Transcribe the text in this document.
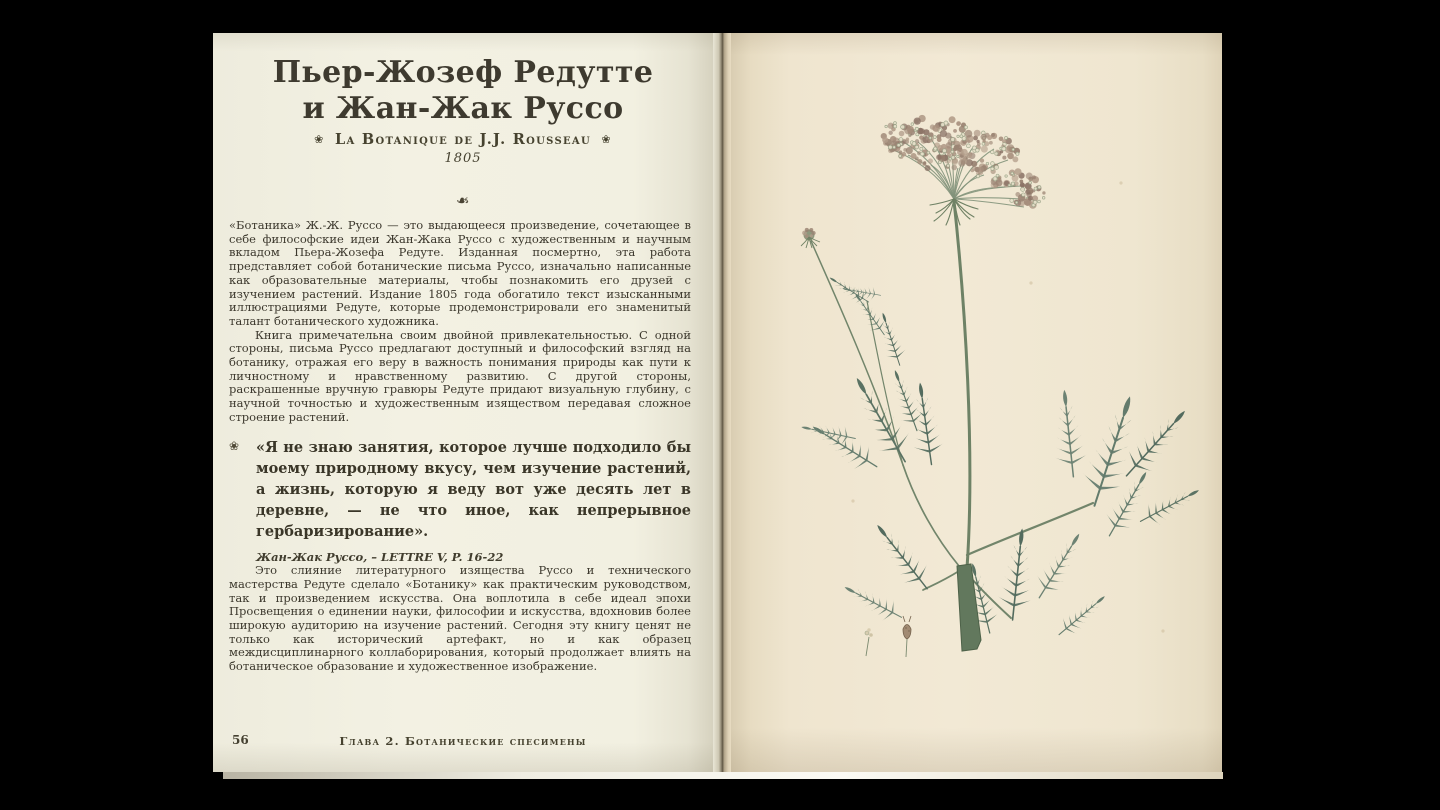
Пьер-Жозеф Редутте
и Жан-Жак Руссо
❀ La Botanique de J.J. Rousseau ❀
1805
❧

«Ботаника» Ж.-Ж. Руссо — это выдающееся произведение, сочетающее в себе философские идеи Жан-Жака Руссо с художественным и научным вкладом Пьера-Жозефа Редуте. Изданная посмертно, эта работа представляет собой ботанические письма Руссо, изначально написанные как образовательные материалы, чтобы познакомить его друзей с изучением растений. Издание 1805 года обогатило текст изысканными иллюстрациями Редуте, которые продемонстрировали его знаменитый талант ботанического художника.

Книга примечательна своим двойной привлекательностью. С одной стороны, письма Руссо предлагают доступный и философский взгляд на ботанику, отражая его веру в важность понимания природы как пути к личностному и нравственному развитию. С другой стороны, раскрашенные вручную гравюры Редуте придают визуальную глубину, с научной точностью и художественным изяществом передавая сложное строение растений.

❀ «Я не знаю занятия, которое лучше подходило бы моему природному вкусу, чем изучение растений, а жизнь, которую я веду вот уже десять лет в деревне, — не что иное, как непрерывное гербаризирование».

Жан-Жак Руссо, – LETTRE V, P. 16-22

Это слияние литературного изящества Руссо и технического мастерства Редуте сделало «Ботанику» как практическим руководством, так и произведением искусства. Она воплотила в себе идеал эпохи Просвещения о единении науки, философии и искусства, вдохновив более широкую аудиторию на изучение растений. Сегодня эту книгу ценят не только как исторический артефакт, но и как образец междисциплинарного коллаборирования, который продолжает влиять на ботаническое образование и художественное изображение.

56	Глава 2. Ботанические спесимены
